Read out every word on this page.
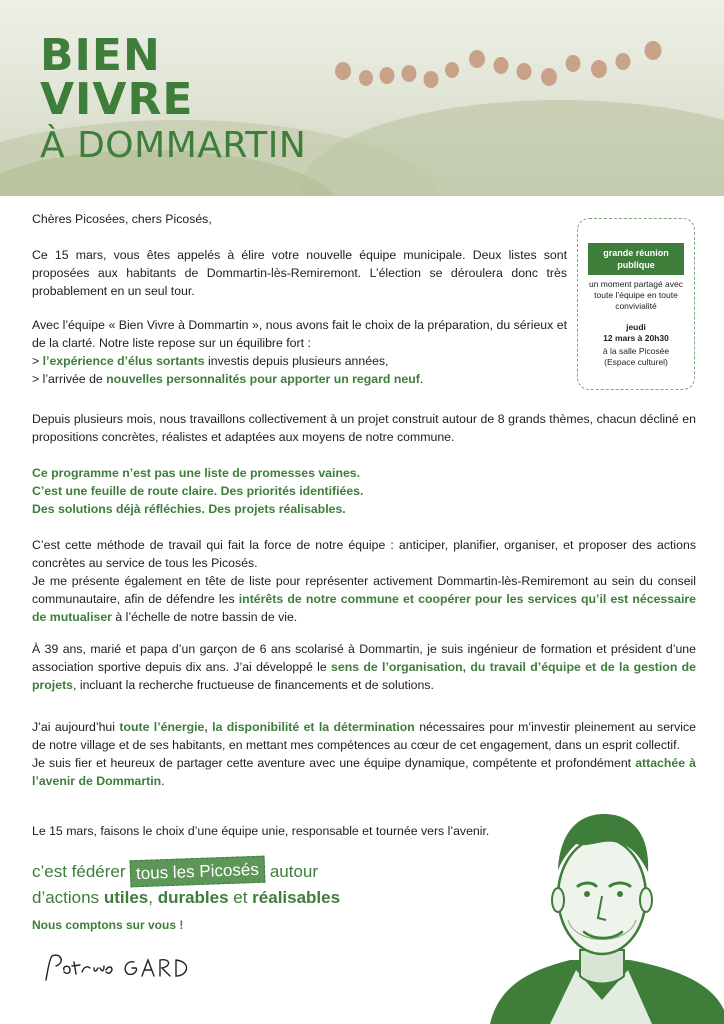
BIEN
VIVRE
À DOMMARTIN
grande réunion publique
un moment partagé avec toute l’équipe en toute convivialité
jeudi
12 mars à 20h30
à la salle Picosée (Espace culturel)

Chères Picosées, chers Picosés,

Ce 15 mars, vous êtes appelés à élire votre nouvelle équipe municipale. Deux listes sont proposées aux habitants de Dommartin-lès-Remiremont. L’élection se déroulera donc très probablement en un seul tour.

Avec l’équipe « Bien Vivre à Dommartin », nous avons fait le choix de la préparation, du sérieux et de la clarté. Notre liste repose sur un équilibre fort :
> l’expérience d’élus sortants investis depuis plusieurs années,
> l’arrivée de nouvelles personnalités pour apporter un regard neuf.

Depuis plusieurs mois, nous travaillons collectivement à un projet construit autour de 8 grands thèmes, chacun décliné en propositions concrètes, réalistes et adaptées aux moyens de notre commune.
Ce programme n’est pas une liste de promesses vaines.
C’est une feuille de route claire. Des priorités identifiées.
Des solutions déjà réfléchies. Des projets réalisables.
C’est cette méthode de travail qui fait la force de notre équipe : anticiper, planifier, organiser, et proposer des actions concrètes au service de tous les Picosés.
Je me présente également en tête de liste pour représenter activement Dommartin-lès-Remiremont au sein du conseil communautaire, afin de défendre les intérêts de notre commune et coopérer pour les services qu’il est nécessaire de mutualiser à l’échelle de notre bassin de vie.
À 39 ans, marié et papa d’un garçon de 6 ans scolarisé à Dommartin, je suis ingénieur de formation et président d’une association sportive depuis dix ans. J’ai développé le sens de l’organisation, du travail d’équipe et de la gestion de projets, incluant la recherche fructueuse de financements et de solutions.
J’ai aujourd’hui toute l’énergie, la disponibilité et la détermination nécessaires pour m’investir pleinement au service de notre village et de ses habitants, en mettant mes compétences au cœur de cet engagement, dans un esprit collectif.
Je suis fier et heureux de partager cette aventure avec une équipe dynamique, compétente et profondément attachée à l’avenir de Dommartin.
Le 15 mars, faisons le choix d’une équipe unie, responsable et tournée vers l’avenir.
c’est fédérer tous les Picosés autour
d’actions utiles, durables et réalisables
Nous comptons sur vous !
